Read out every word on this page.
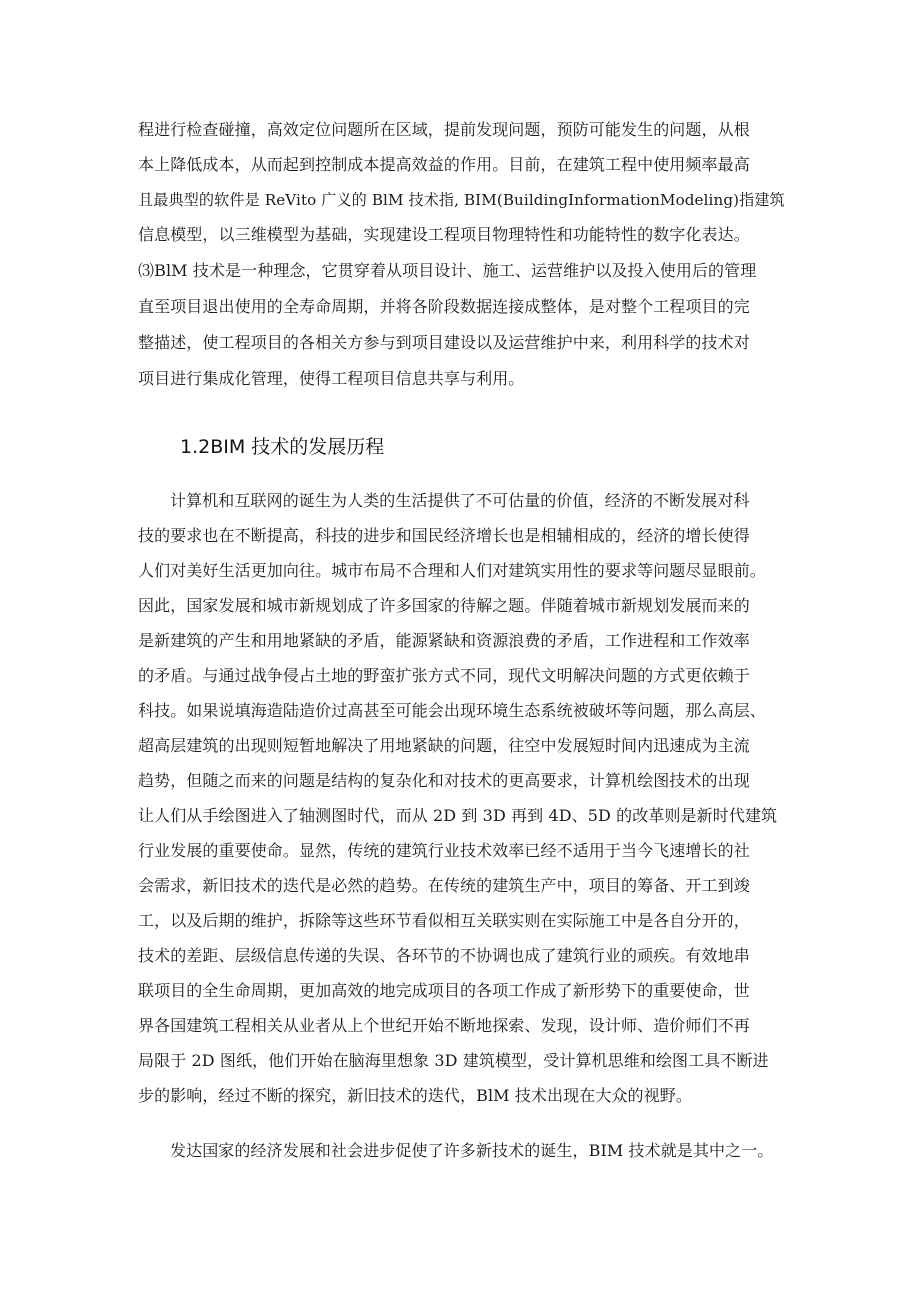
程进行检查碰撞，高效定位问题所在区域，提前发现问题，预防可能发生的问题，从根
本上降低成本，从而起到控制成本提高效益的作用。目前，在建筑工程中使用频率最高
且最典型的软件是 ReVito 广义的 BlM 技术指, BIM(BuildingInformationModeling)指建筑
信息模型，以三维模型为基础，实现建设工程项目物理特性和功能特性的数字化表达。
⑶BlM 技术是一种理念，它贯穿着从项目设计、施工、运营维护以及投入使用后的管理
直至项目退出使用的全寿命周期，并将各阶段数据连接成整体，是对整个工程项目的完
整描述，使工程项目的各相关方参与到项目建设以及运营维护中来，利用科学的技术对
项目进行集成化管理，使得工程项目信息共享与利用。
1.2BIM 技术的发展历程
计算机和互联网的诞生为人类的生活提供了不可估量的价值，经济的不断发展对科
技的要求也在不断提高，科技的进步和国民经济增长也是相辅相成的，经济的增长使得
人们对美好生活更加向往。城市布局不合理和人们对建筑实用性的要求等问题尽显眼前。
因此，国家发展和城市新规划成了许多国家的待解之题。伴随着城市新规划发展而来的
是新建筑的产生和用地紧缺的矛盾，能源紧缺和资源浪费的矛盾，工作进程和工作效率
的矛盾。与通过战争侵占土地的野蛮扩张方式不同，现代文明解决问题的方式更依赖于
科技。如果说填海造陆造价过高甚至可能会出现环境生态系统被破坏等问题，那么高层、
超高层建筑的出现则短暂地解决了用地紧缺的问题，往空中发展短时间内迅速成为主流
趋势，但随之而来的问题是结构的复杂化和对技术的更高要求，计算机绘图技术的出现
让人们从手绘图进入了轴测图时代，而从 2D 到 3D 再到 4D、5D 的改革则是新时代建筑
行业发展的重要使命。显然，传统的建筑行业技术效率已经不适用于当今飞速增长的社
会需求，新旧技术的迭代是必然的趋势。在传统的建筑生产中，项目的筹备、开工到竣
工，以及后期的维护，拆除等这些环节看似相互关联实则在实际施工中是各自分开的，
技术的差距、层级信息传递的失误、各环节的不协调也成了建筑行业的顽疾。有效地串
联项目的全生命周期，更加高效的地完成项目的各项工作成了新形势下的重要使命，世
界各国建筑工程相关从业者从上个世纪开始不断地探索、发现，设计师、造价师们不再
局限于 2D 图纸，他们开始在脑海里想象 3D 建筑模型，受计算机思维和绘图工具不断进
步的影响，经过不断的探究，新旧技术的迭代，BlM 技术出现在大众的视野。
发达国家的经济发展和社会进步促使了许多新技术的诞生，BIM 技术就是其中之一。
